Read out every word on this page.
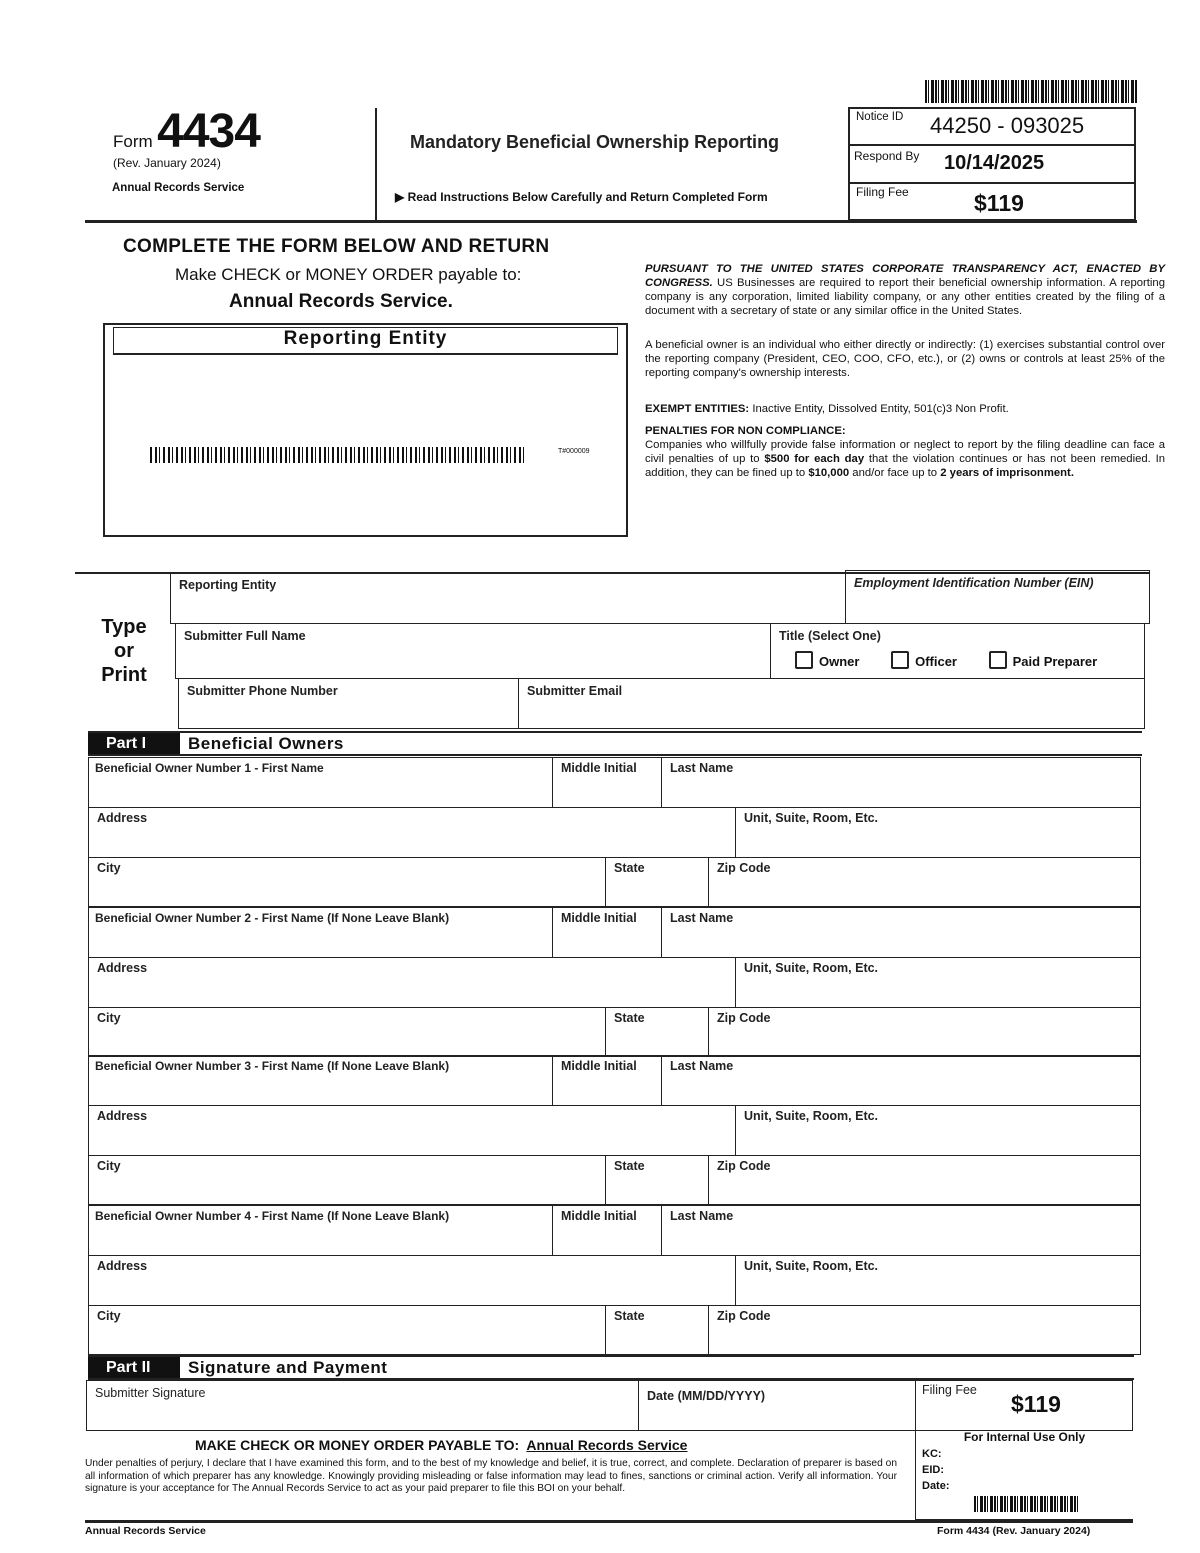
Form 4434
(Rev. January 2024)
Annual Records Service
Mandatory Beneficial Ownership Reporting
▶ Read Instructions Below Carefully and Return Completed Form
Notice ID 44250 - 093025
Respond By 10/14/2025
Filing Fee	$119
COMPLETE THE FORM BELOW AND RETURN
Make CHECK or MONEY ORDER payable to:
Annual Records Service.
Reporting Entity
T#000009

PURSUANT TO THE UNITED STATES CORPORATE TRANSPARENCY ACT, ENACTED BY CONGRESS. US Businesses are required to report their beneficial ownership information. A reporting company is any corporation, limited liability company, or any other entities created by the filing of a document with a secretary of state or any similar office in the United States.

A beneficial owner is an individual who either directly or indirectly: (1) exercises substantial control over the reporting company (President, CEO, COO, CFO, etc.), or (2) owns or controls at least 25% of the reporting company's ownership interests.

EXEMPT ENTITIES: Inactive Entity, Dissolved Entity, 501(c)3 Non Profit.

PENALTIES FOR NON COMPLIANCE:
Companies who willfully provide false information or neglect to report by the filing deadline can face a civil penalties of up to $500 for each day that the violation continues or has not been remedied. In addition, they can be fined up to $10,000 and/or face up to 2 years of imprisonment.

Type
or
Print
Reporting Entity	Employment Identification Number (EIN)
Submitter Full Name	Title (Select One)
Owner	Officer	Paid Preparer
Submitter Phone Number	Submitter Email
Part I	Beneficial Owners
Beneficial Owner Number 1 - First Name	Middle Initial	Last Name
Address	Unit, Suite, Room, Etc.
City	State	Zip Code
Beneficial Owner Number 2 - First Name (If None Leave Blank)	Middle Initial	Last Name
Address	Unit, Suite, Room, Etc.
City	State	Zip Code
Beneficial Owner Number 3 - First Name (If None Leave Blank)	Middle Initial	Last Name
Address	Unit, Suite, Room, Etc.
City	State	Zip Code
Beneficial Owner Number 4 - First Name (If None Leave Blank)	Middle Initial	Last Name
Address	Unit, Suite, Room, Etc.
City	State	Zip Code
Part II	Signature and Payment
Submitter Signature	Date (MM/DD/YYYY)	Filing Fee
$119
MAKE CHECK OR MONEY ORDER PAYABLE TO: Annual Records Service
Under penalties of perjury, I declare that I have examined this form, and to the best of my knowledge and belief, it is true, correct, and complete. Declaration of preparer is based on all information of which preparer has any knowledge. Knowingly providing misleading or false information may lead to fines, sanctions or criminal action. Verify all information. Your signature is your acceptance for The Annual Records Service to act as your paid preparer to file this BOI on your behalf.
For Internal Use Only
KC:
EID:
Date:
Annual Records Service	Form 4434 (Rev. January 2024)
